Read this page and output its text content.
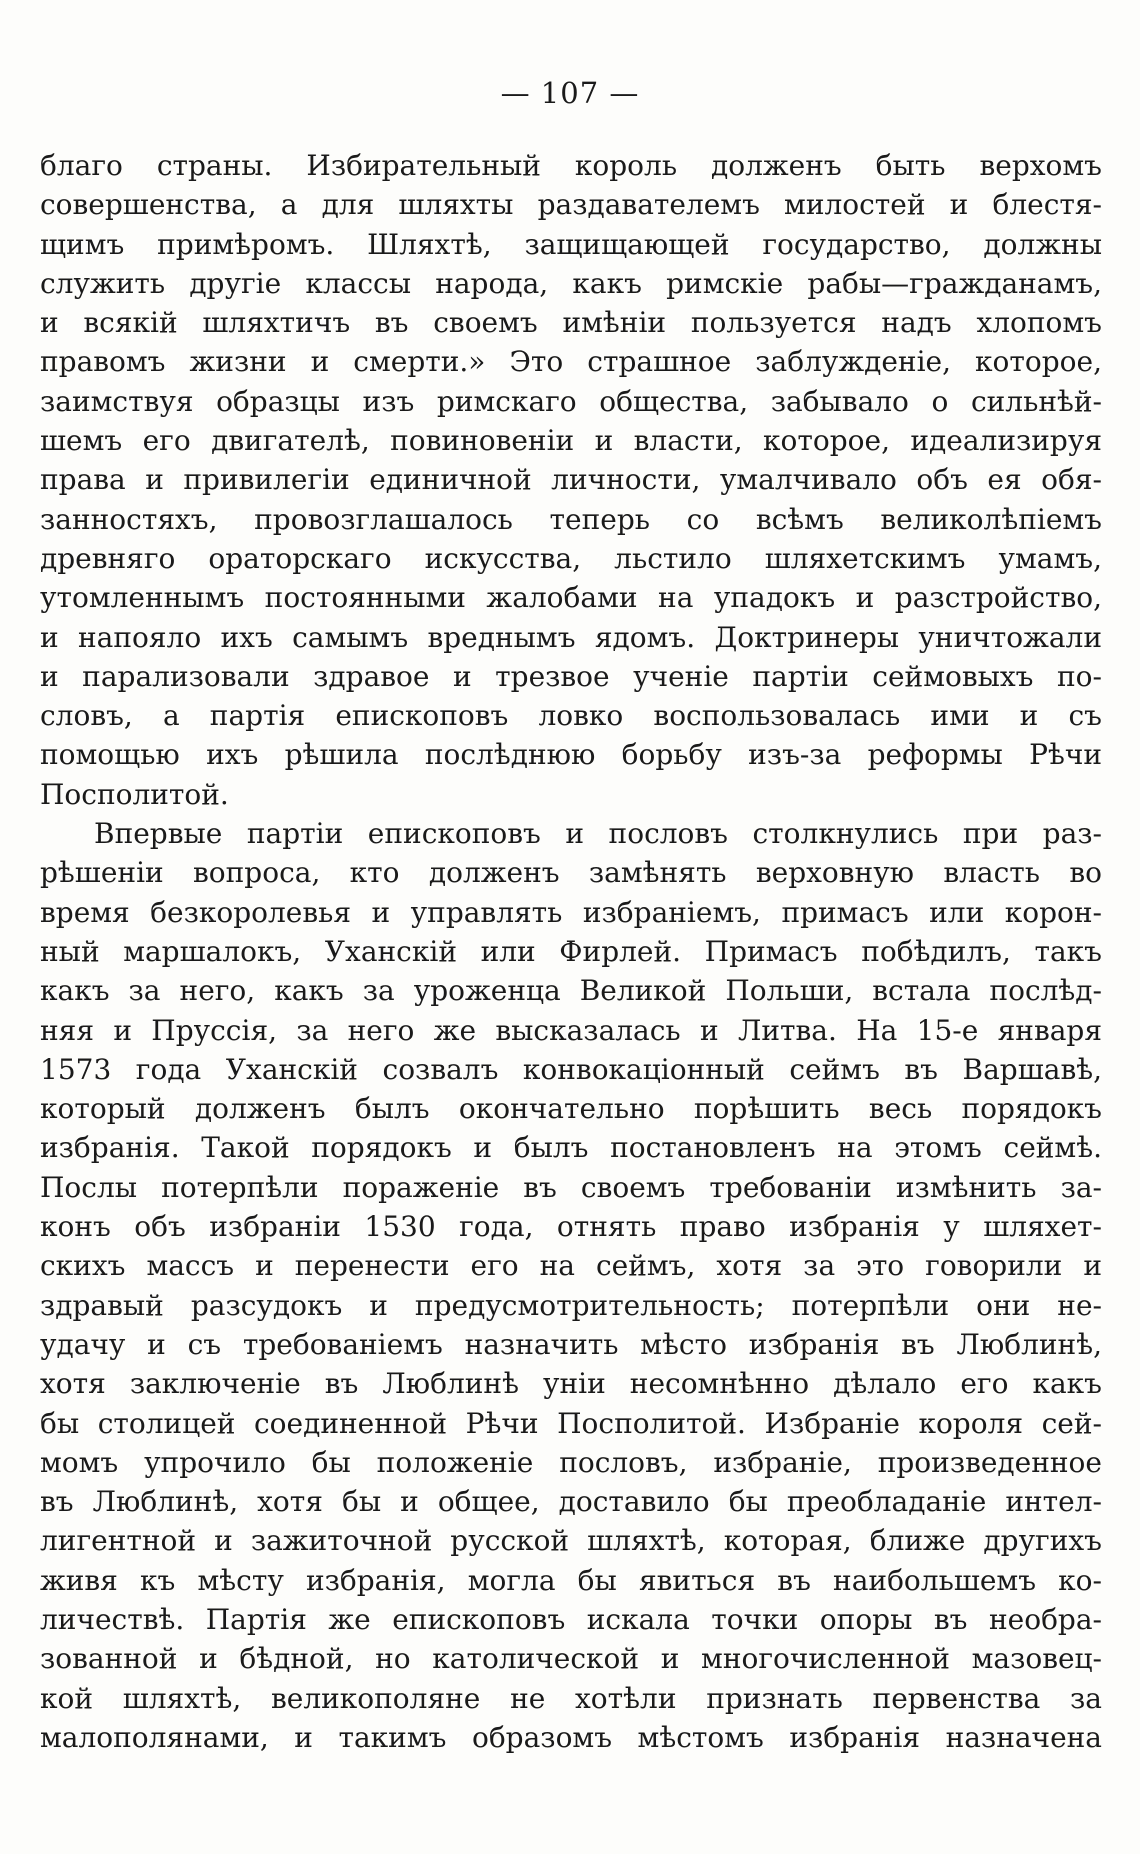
— 107 —
благо страны. Избирательный король долженъ быть верхомъ
совершенства, а для шляхты раздавателемъ милостей и блестя-
щимъ примѣромъ. Шляхтѣ, защищающей государство, должны
служить другіе классы народа, какъ римскіе рабы—гражданамъ,
и всякій шляхтичъ въ своемъ имѣніи пользуется надъ хлопомъ
правомъ жизни и смерти.» Это страшное заблужденіе, которое,
заимствуя образцы изъ римскаго общества, забывало о сильнѣй-
шемъ его двигателѣ, повиновеніи и власти, которое, идеализируя
права и привилегіи единичной личности, умалчивало объ ея обя-
занностяхъ, провозглашалось теперь со всѣмъ великолѣпіемъ
древняго ораторскаго искусства, льстило шляхетскимъ умамъ,
утомленнымъ постоянными жалобами на упадокъ и разстройство,
и напояло ихъ самымъ вреднымъ ядомъ. Доктринеры уничтожали
и парализовали здравое и трезвое ученіе партіи сеймовыхъ по-
словъ, а партія епископовъ ловко воспользовалась ими и съ
помощью ихъ рѣшила послѣднюю борьбу изъ-за реформы Рѣчи
Посполитой.
Впервые партіи епископовъ и пословъ столкнулись при раз-
рѣшеніи вопроса, кто долженъ замѣнять верховную власть во
время безкоролевья и управлять избраніемъ, примасъ или корон-
ный маршалокъ, Уханскій или Фирлей. Примасъ побѣдилъ, такъ
какъ за него, какъ за уроженца Великой Польши, встала послѣд-
няя и Пруссія, за него же высказалась и Литва. На 15-е января
1573 года Уханскій созвалъ конвокаціонный сеймъ въ Варшавѣ,
который долженъ былъ окончательно порѣшить весь порядокъ
избранія. Такой порядокъ и былъ постановленъ на этомъ сеймѣ.
Послы потерпѣли пораженіе въ своемъ требованіи измѣнить за-
конъ объ избраніи 1530 года, отнять право избранія у шляхет-
скихъ массъ и перенести его на сеймъ, хотя за это говорили и
здравый разсудокъ и предусмотрительность; потерпѣли они не-
удачу и съ требованіемъ назначить мѣсто избранія въ Люблинѣ,
хотя заключеніе въ Люблинѣ уніи несомнѣнно дѣлало его какъ
бы столицей соединенной Рѣчи Посполитой. Избраніе короля сей-
момъ упрочило бы положеніе пословъ, избраніе, произведенное
въ Люблинѣ, хотя бы и общее, доставило бы преобладаніе интел-
лигентной и зажиточной русской шляхтѣ, которая, ближе другихъ
живя къ мѣсту избранія, могла бы явиться въ наибольшемъ ко-
личествѣ. Партія же епископовъ искала точки опоры въ необра-
зованной и бѣдной, но католической и многочисленной мазовец-
кой шляхтѣ, великополяне не хотѣли признать первенства за
малополянами, и такимъ образомъ мѣстомъ избранія назначена
